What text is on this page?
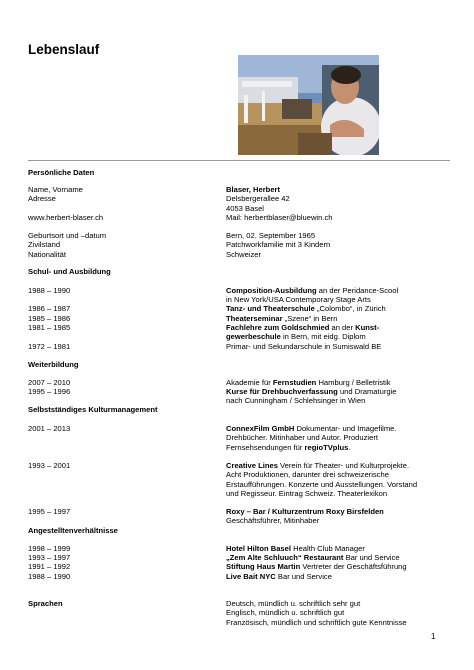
Lebenslauf
Persönliche Daten
Name, Vorname	Blaser, Herbert
Adresse	Delsbergerallee 42
4053 Basel
www.herbert-blaser.ch	Mail: herbertblaser@bluewin.ch
Geburtsort und –datum	Bern, 02. September 1965
Zivilstand	Patchworkfamilie mit 3 Kindern
Nationalität	Schweizer
Schul- und Ausbildung
1988 – 1990	Composition-Ausbildung an der Peridance-Scool
in New York/USA Contemporary Stage Arts
1986 – 1987	Tanz- und Theaterschule „Colombo“, in Zürich
1985 – 1986	Theaterseminar „Szene“ in Bern
1981 – 1985	Fachlehre zum Goldschmied an der Kunst-
gewerbeschule in Bern, mit eidg. Diplom
1972 – 1981	Primar- und Sekundarschule in Sumiswald BE
Weiterbildung
2007 – 2010	Akademie für Fernstudien Hamburg / Belletristik
1995 – 1996	Kurse für Drehbuchverfassung und Dramaturgie
nach Cunningham / Schlehsinger in Wien
Selbstständiges Kulturmanagement
2001 – 2013	ConnexFilm GmbH Dokumentar- und Imagefilme.
Drehbücher. Mitinhaber und Autor. Produziert
Fernsehsendungen für regioTVplus.
1993 – 2001	Creative Lines Verein für Theater- und Kulturprojekte.
Acht Produktionen, darunter drei schweizerische
Erstaufführungen. Konzerte und Ausstellungen. Vorstand
und Regisseur. Eintrag Schweiz. Theaterlexikon
1995 – 1997	Roxy – Bar / Kulturzentrum Roxy Birsfelden
Geschäftsführer, Mitinhaber
Angestelltenverhältnisse
1998 – 1999	Hotel Hilton Basel Health Club Manager
1993 – 1997	„Zem Alte Schluuch“ Restaurant Bar und Service
1991 – 1992	Stiftung Haus Martin Vertreter der Geschäftsführung
1988 – 1990	Live Bait NYC Bar und Service
Sprachen	Deutsch, mündlich u. schriftlich sehr gut
Englisch, mündlich u. schriftlich gut
Französisch, mündlich und schriftlich gute Kenntnisse
1
